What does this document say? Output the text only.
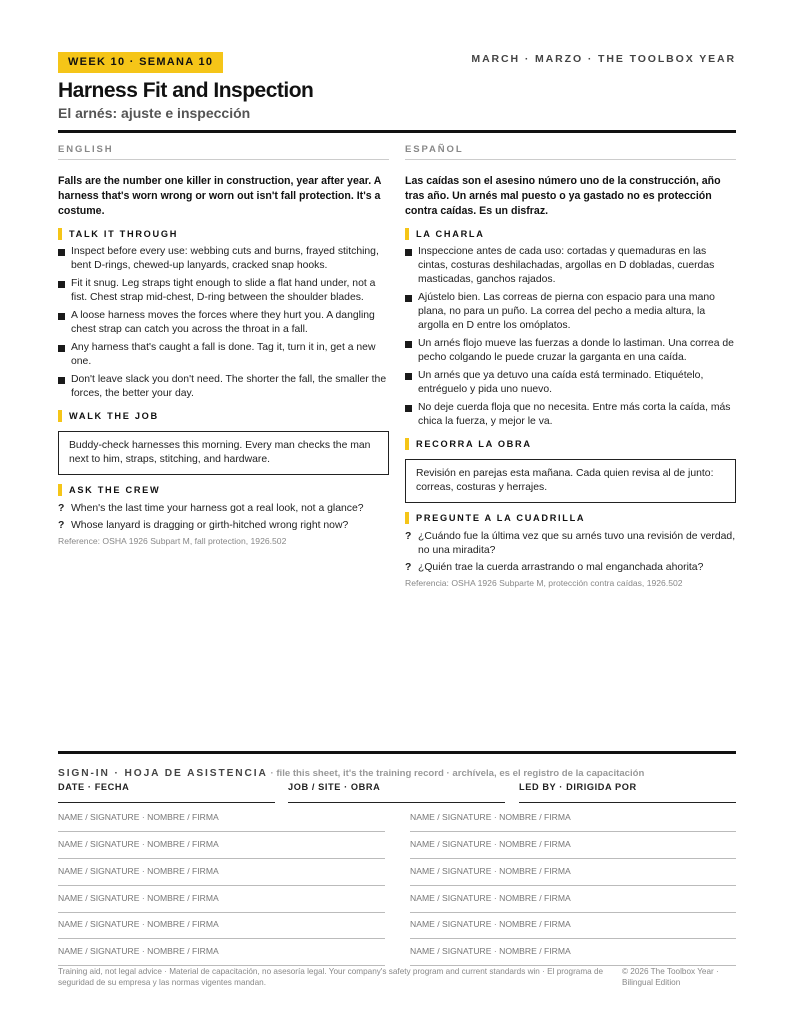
WEEK 10 · SEMANA 10	MARCH · MARZO · THE TOOLBOX YEAR
Harness Fit and Inspection
El arnés: ajuste e inspección
ENGLISH

Falls are the number one killer in construction, year after year. A harness that's worn wrong or worn out isn't fall protection. It's a costume.

TALK IT THROUGH
Inspect before every use: webbing cuts and burns, frayed stitching, bent D-rings, chewed-up lanyards, cracked snap hooks.
Fit it snug. Leg straps tight enough to slide a flat hand under, not a fist. Chest strap mid-chest, D-ring between the shoulder blades.
A loose harness moves the forces where they hurt you. A dangling chest strap can catch you across the throat in a fall.
Any harness that's caught a fall is done. Tag it, turn it in, get a new one.
Don't leave slack you don't need. The shorter the fall, the smaller the forces, the better your day.
WALK THE JOB
Buddy-check harnesses this morning. Every man checks the man next to him, straps, stitching, and hardware.
ASK THE CREW
? When's the last time your harness got a real look, not a glance?
? Whose lanyard is dragging or girth-hitched wrong right now?

Reference: OSHA 1926 Subpart M, fall protection, 1926.502

ESPAÑOL

Las caídas son el asesino número uno de la construcción, año tras año. Un arnés mal puesto o ya gastado no es protección contra caídas. Es un disfraz.

LA CHARLA
Inspeccione antes de cada uso: cortadas y quemaduras en las cintas, costuras deshilachadas, argollas en D dobladas, cuerdas masticadas, ganchos rajados.
Ajústelo bien. Las correas de pierna con espacio para una mano plana, no para un puño. La correa del pecho a media altura, la argolla en D entre los omóplatos.
Un arnés flojo mueve las fuerzas a donde lo lastiman. Una correa de pecho colgando le puede cruzar la garganta en una caída.
Un arnés que ya detuvo una caída está terminado. Etiquételo, entréguelo y pida uno nuevo.
No deje cuerda floja que no necesita. Entre más corta la caída, más chica la fuerza, y mejor le va.
RECORRA LA OBRA
Revisión en parejas esta mañana. Cada quien revisa al de junto: correas, costuras y herrajes.
PREGUNTE A LA CUADRILLA
? ¿Cuándo fue la última vez que su arnés tuvo una revisión de verdad, no una miradita?
? ¿Quién trae la cuerda arrastrando o mal enganchada ahorita?

Referencia: OSHA 1926 Subparte M, protección contra caídas, 1926.502

SIGN-IN · HOJA DE ASISTENCIA · file this sheet, it's the training record · archívela, es el registro de la capacitación
DATE · FECHA	JOB / SITE · OBRA	LED BY · DIRIGIDA POR
NAME / SIGNATURE · NOMBRE / FIRMA	NAME / SIGNATURE · NOMBRE / FIRMA
NAME / SIGNATURE · NOMBRE / FIRMA	NAME / SIGNATURE · NOMBRE / FIRMA
NAME / SIGNATURE · NOMBRE / FIRMA	NAME / SIGNATURE · NOMBRE / FIRMA
NAME / SIGNATURE · NOMBRE / FIRMA	NAME / SIGNATURE · NOMBRE / FIRMA
NAME / SIGNATURE · NOMBRE / FIRMA	NAME / SIGNATURE · NOMBRE / FIRMA
NAME / SIGNATURE · NOMBRE / FIRMA	NAME / SIGNATURE · NOMBRE / FIRMA

Training aid, not legal advice · Material de capacitación, no asesoría legal. Your company's safety program and current standards win · El programa de seguridad de su empresa y las normas vigentes mandan.

© 2026 The Toolbox Year · Bilingual Edition
